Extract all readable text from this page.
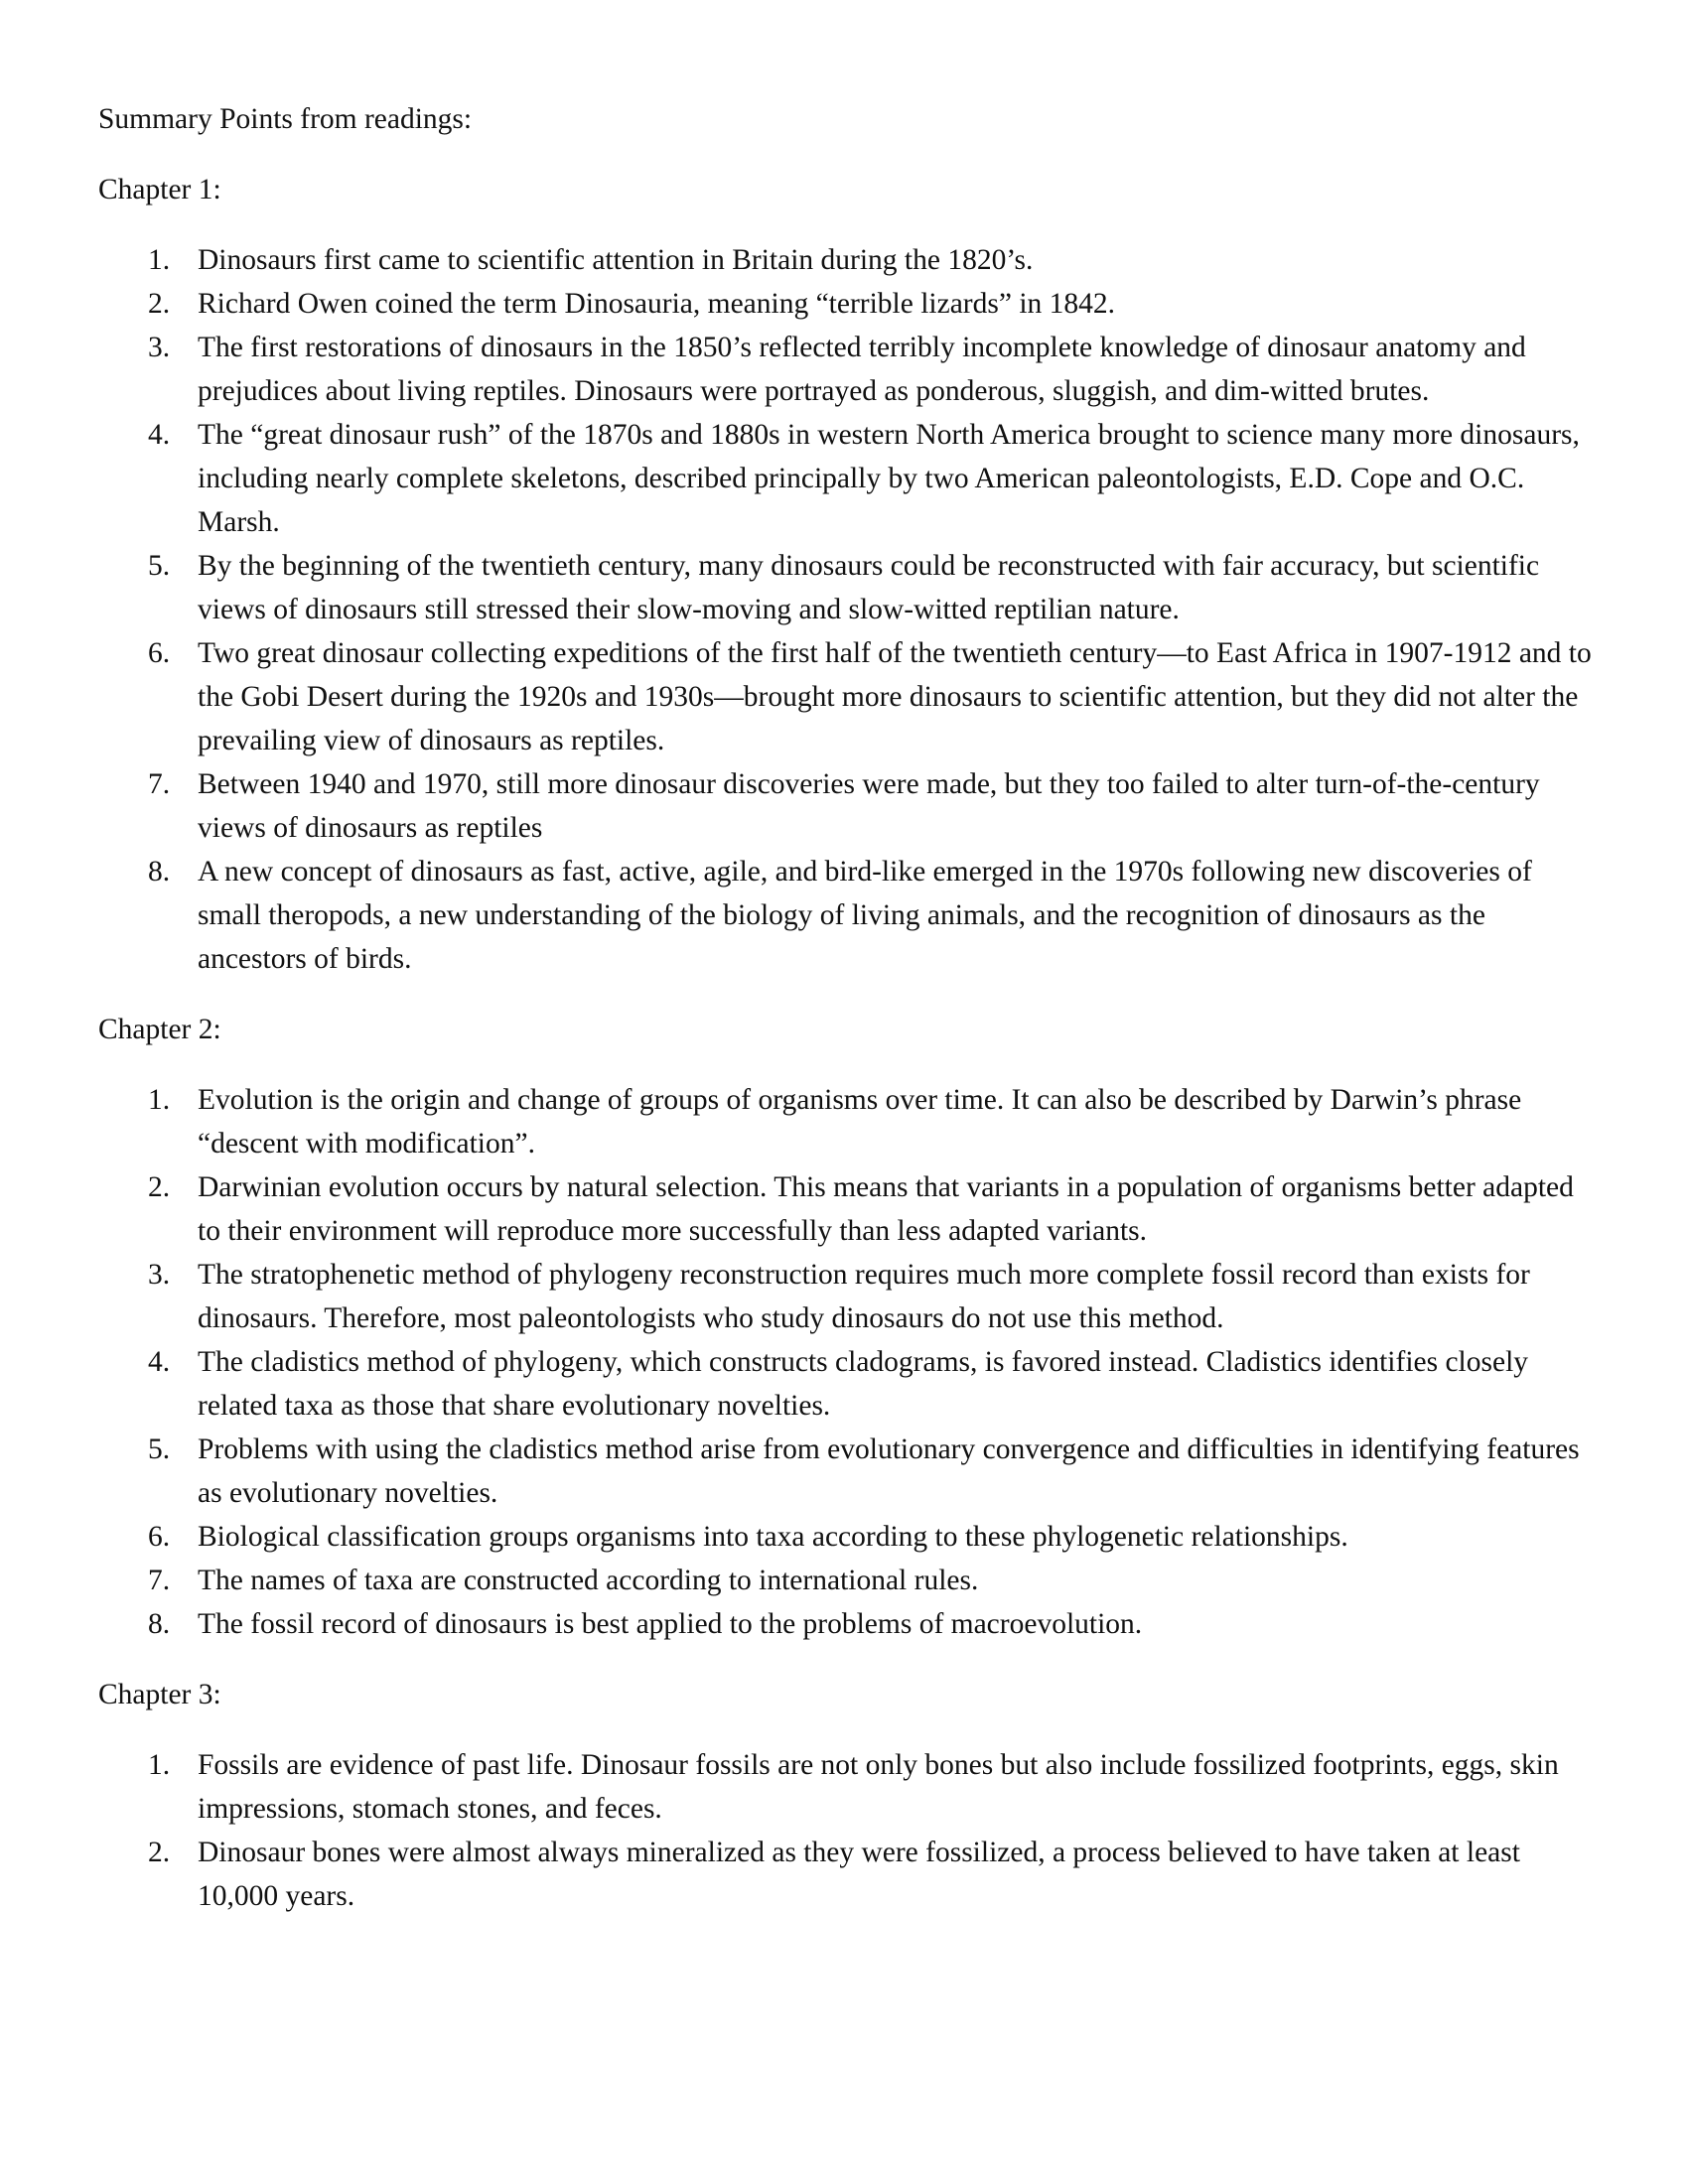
Summary Points from readings:

Chapter 1:

1. Dinosaurs first came to scientific attention in Britain during the 1820’s.
2. Richard Owen coined the term Dinosauria, meaning “terrible lizards” in 1842.
3. The first restorations of dinosaurs in the 1850’s reflected terribly incomplete knowledge of dinosaur anatomy and prejudices about living reptiles. Dinosaurs were portrayed as ponderous, sluggish, and dim-witted brutes.
4. The “great dinosaur rush” of the 1870s and 1880s in western North America brought to science many more dinosaurs, including nearly complete skeletons, described principally by two American paleontologists, E.D. Cope and O.C. Marsh.
5. By the beginning of the twentieth century, many dinosaurs could be reconstructed with fair accuracy, but scientific views of dinosaurs still stressed their slow-moving and slow-witted reptilian nature.
6. Two great dinosaur collecting expeditions of the first half of the twentieth century—to East Africa in 1907-1912 and to the Gobi Desert during the 1920s and 1930s—brought more dinosaurs to scientific attention, but they did not alter the prevailing view of dinosaurs as reptiles.
7. Between 1940 and 1970, still more dinosaur discoveries were made, but they too failed to alter turn-of-the-century views of dinosaurs as reptiles
8. A new concept of dinosaurs as fast, active, agile, and bird-like emerged in the 1970s following new discoveries of small theropods, a new understanding of the biology of living animals, and the recognition of dinosaurs as the ancestors of birds.

Chapter 2:

1. Evolution is the origin and change of groups of organisms over time. It can also be described by Darwin’s phrase “descent with modification”.
2. Darwinian evolution occurs by natural selection. This means that variants in a population of organisms better adapted to their environment will reproduce more successfully than less adapted variants.
3. The stratophenetic method of phylogeny reconstruction requires much more complete fossil record than exists for dinosaurs. Therefore, most paleontologists who study dinosaurs do not use this method.
4. The cladistics method of phylogeny, which constructs cladograms, is favored instead. Cladistics identifies closely related taxa as those that share evolutionary novelties.
5. Problems with using the cladistics method arise from evolutionary convergence and difficulties in identifying features as evolutionary novelties.
6. Biological classification groups organisms into taxa according to these phylogenetic relationships.
7. The names of taxa are constructed according to international rules.
8. The fossil record of dinosaurs is best applied to the problems of macroevolution.

Chapter 3:

1. Fossils are evidence of past life. Dinosaur fossils are not only bones but also include fossilized footprints, eggs, skin impressions, stomach stones, and feces.
2. Dinosaur bones were almost always mineralized as they were fossilized, a process believed to have taken at least 10,000 years.
